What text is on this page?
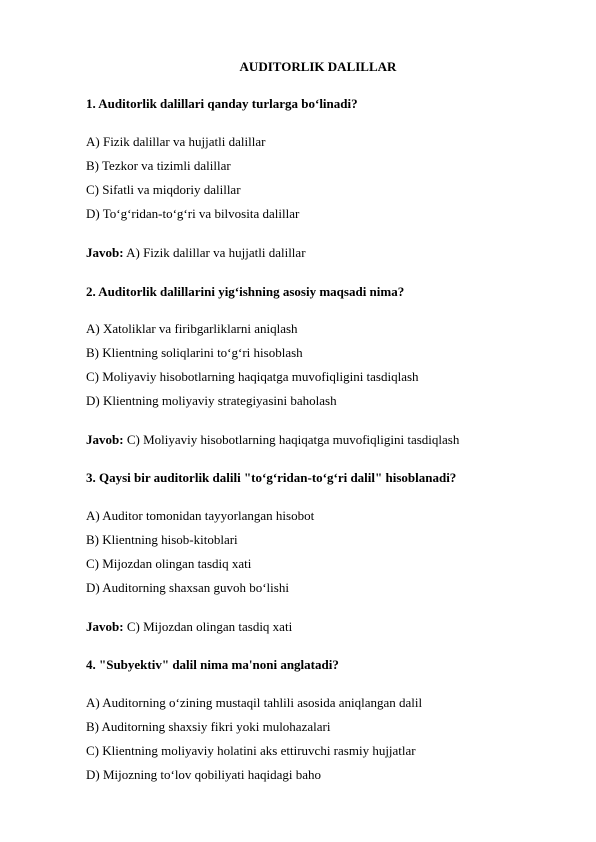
AUDITORLIK DALILLAR
1. Auditorlik dalillari qanday turlarga bo‘linadi?
A) Fizik dalillar va hujjatli dalillar
B) Tezkor va tizimli dalillar
C) Sifatli va miqdoriy dalillar
D) To‘g‘ridan-to‘g‘ri va bilvosita dalillar
Javob: A) Fizik dalillar va hujjatli dalillar
2. Auditorlik dalillarini yig‘ishning asosiy maqsadi nima?
A) Xatoliklar va firibgarliklarni aniqlash
B) Klientning soliqlarini to‘g‘ri hisoblash
C) Moliyaviy hisobotlarning haqiqatga muvofiqligini tasdiqlash
D) Klientning moliyaviy strategiyasini baholash
Javob: C) Moliyaviy hisobotlarning haqiqatga muvofiqligini tasdiqlash
3. Qaysi bir auditorlik dalili "to‘g‘ridan-to‘g‘ri dalil" hisoblanadi?
A) Auditor tomonidan tayyorlangan hisobot
B) Klientning hisob-kitoblari
C) Mijozdan olingan tasdiq xati
D) Auditorning shaxsan guvoh bo‘lishi
Javob: C) Mijozdan olingan tasdiq xati
4. "Subyektiv" dalil nima ma'noni anglatadi?
A) Auditorning o‘zining mustaqil tahlili asosida aniqlangan dalil
B) Auditorning shaxsiy fikri yoki mulohazalari
C) Klientning moliyaviy holatini aks ettiruvchi rasmiy hujjatlar
D) Mijozning to‘lov qobiliyati haqidagi baho
